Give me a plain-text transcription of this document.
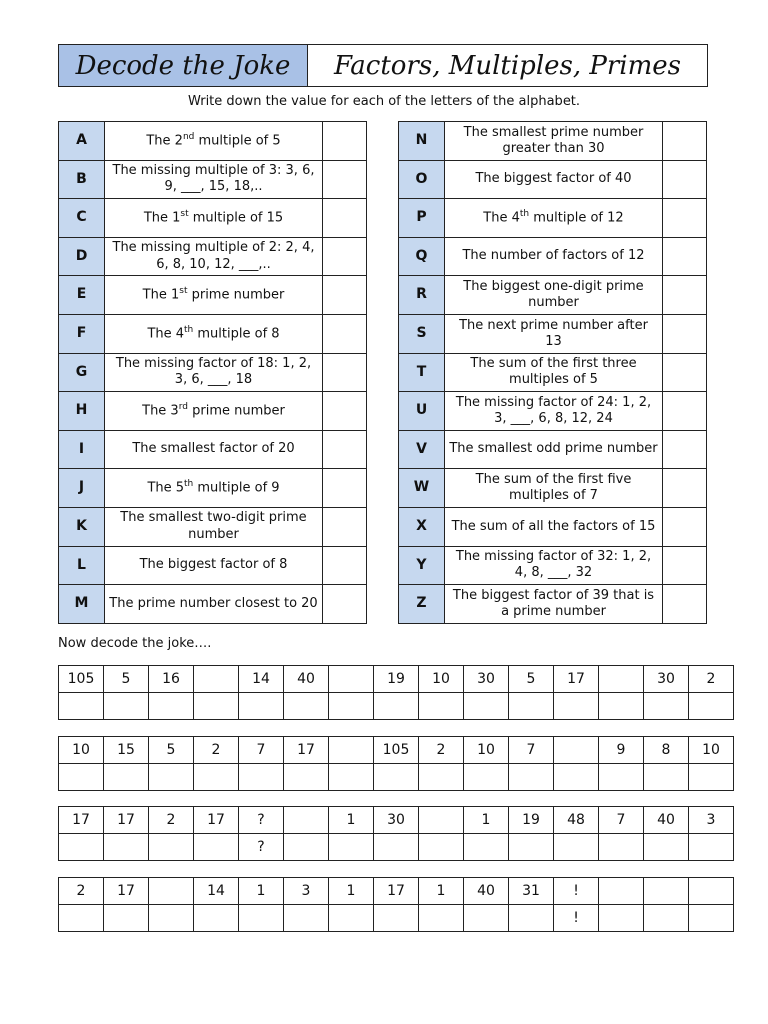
Decode the Joke	Factors, Multiples, Primes
Write down the value for each of the letters of the alphabet.
A	The 2nd multiple of 5	
B	The missing multiple of 3: 3, 6, 9, ___, 15, 18,..	
C	The 1st multiple of 15	
D	The missing multiple of 2: 2, 4, 6, 8, 10, 12, ___,..	
E	The 1st prime number	
F	The 4th multiple of 8	
G	The missing factor of 18: 1, 2, 3, 6, ___, 18	
H	The 3rd prime number	
I	The smallest factor of 20	
J	The 5th multiple of 9	
K	The smallest two-digit prime number	
L	The biggest factor of 8	
M	The prime number closest to 20	
N	The smallest prime number greater than 30	
O	The biggest factor of 40	
P	The 4th multiple of 12	
Q	The number of factors of 12	
R	The biggest one-digit prime number	
S	The next prime number after 13	
T	The sum of the first three multiples of 5	
U	The missing factor of 24: 1, 2, 3, ___, 6, 8, 12, 24	
V	The smallest odd prime number	
W	The sum of the first five multiples of 7	
X	The sum of all the factors of 15	
Y	The missing factor of 32: 1, 2, 4, 8, ___, 32	
Z	The biggest factor of 39 that is a prime number	
Now decode the joke….
105	5	16		14	40		19	10	30	5	17		30	2

10	15	5	2	7	17		105	2	10	7		9	8	10

17	17	2	17	?		1	30		1	19	48	7	40	3
				?										
2	17		14	1	3	1	17	1	40	31	!			
											!			
